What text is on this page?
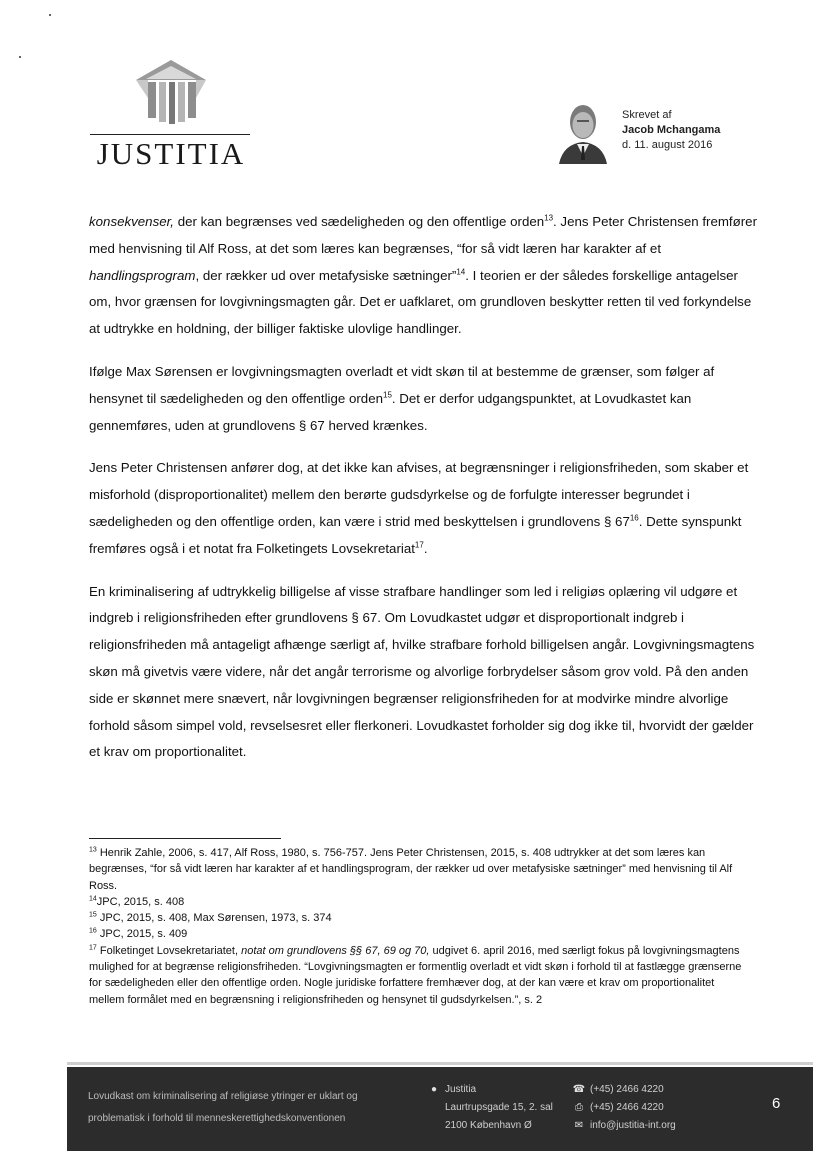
JUSTITIA
Skrevet af
Jacob Mchangama
d. 11. august 2016

konsekvenser, der kan begrænses ved sædeligheden og den offentlige orden$^{13}$. Jens Peter Christensen fremfører med henvisning til Alf Ross, at det som læres kan begrænses, “for så vidt læren har karakter af et handlingsprogram, der rækker ud over metafysiske sætninger”$^{14}$. I teorien er der således forskellige antagelser om, hvor grænsen for lovgivningsmagten går. Det er uafklaret, om grundloven beskytter retten til ved forkyndelse at udtrykke en holdning, der billiger faktiske ulovlige handlinger.

Ifølge Max Sørensen er lovgivningsmagten overladt et vidt skøn til at bestemme de grænser, som følger af hensynet til sædeligheden og den offentlige orden$^{15}$. Det er derfor udgangspunktet, at Lovudkastet kan gennemføres, uden at grundlovens § 67 herved krænkes.

Jens Peter Christensen anfører dog, at det ikke kan afvises, at begrænsninger i religionsfriheden, som skaber et misforhold (disproportionalitet) mellem den berørte gudsdyrkelse og de forfulgte interesser begrundet i sædeligheden og den offentlige orden, kan være i strid med beskyttelsen i grundlovens § $67^{16}$. Dette synspunkt fremføres også i et notat fra Folketingets Lovsekretariat$^{17}$.

En kriminalisering af udtrykkelig billigelse af visse strafbare handlinger som led i religiøs oplæring vil udgøre et indgreb i religionsfriheden efter grundlovens § 67. Om Lovudkastet udgør et disproportionalt indgreb i religionsfriheden må antageligt afhænge særligt af, hvilke strafbare forhold billigelsen angår. Lovgivningsmagtens skøn må givetvis være videre, når det angår terrorisme og alvorlige forbrydelser såsom grov vold. På den anden side er skønnet mere snævert, når lovgivningen begrænser religionsfriheden for at modvirke mindre alvorlige forhold såsom simpel vold, revselsesret eller flerkoneri. Lovudkastet forholder sig dog ikke til, hvorvidt der gælder et krav om proportionalitet.

$^{13}$ Henrik Zahle, 2006, s. 417, Alf Ross, 1980, s. 756-757. Jens Peter Christensen, 2015, s. 408 udtrykker at det som læres kan begrænses, “for så vidt læren har karakter af et handlingsprogram, der rækker ud over metafysiske sætninger” med henvisning til Alf Ross.
$^{14}$JPC, 2015, s. 408
$^{15}$ JPC, 2015, s. 408, Max Sørensen, 1973, s. 374
$^{16}$ JPC, 2015, s. 409
$^{17}$ Folketinget Lovsekretariatet, notat om grundlovens §§ 67, 69 og 70, udgivet 6. april 2016, med særligt fokus på lovgivningsmagtens mulighed for at begrænse religionsfriheden. “Lovgivningsmagten er formentlig overladt et vidt skøn i forhold til at fastlægge grænserne for sædeligheden eller den offentlige orden. Nogle juridiske forfattere fremhæver dog, at der kan være et krav om proportionalitet mellem formålet med en begrænsning i religionsfriheden og hensynet til gudsdyrkelsen.”, s. 2
Lovudkast om kriminalisering af religiøse ytringer er uklart og
problematisk i forhold til menneskerettighedskonventionen
● Justitia
Laurtrupsgade 15, 2. sal
2100 København Ø
☎ (+45) 2466 4220
⎙ (+45) 2466 4220
✉ info@justitia-int.org
6
